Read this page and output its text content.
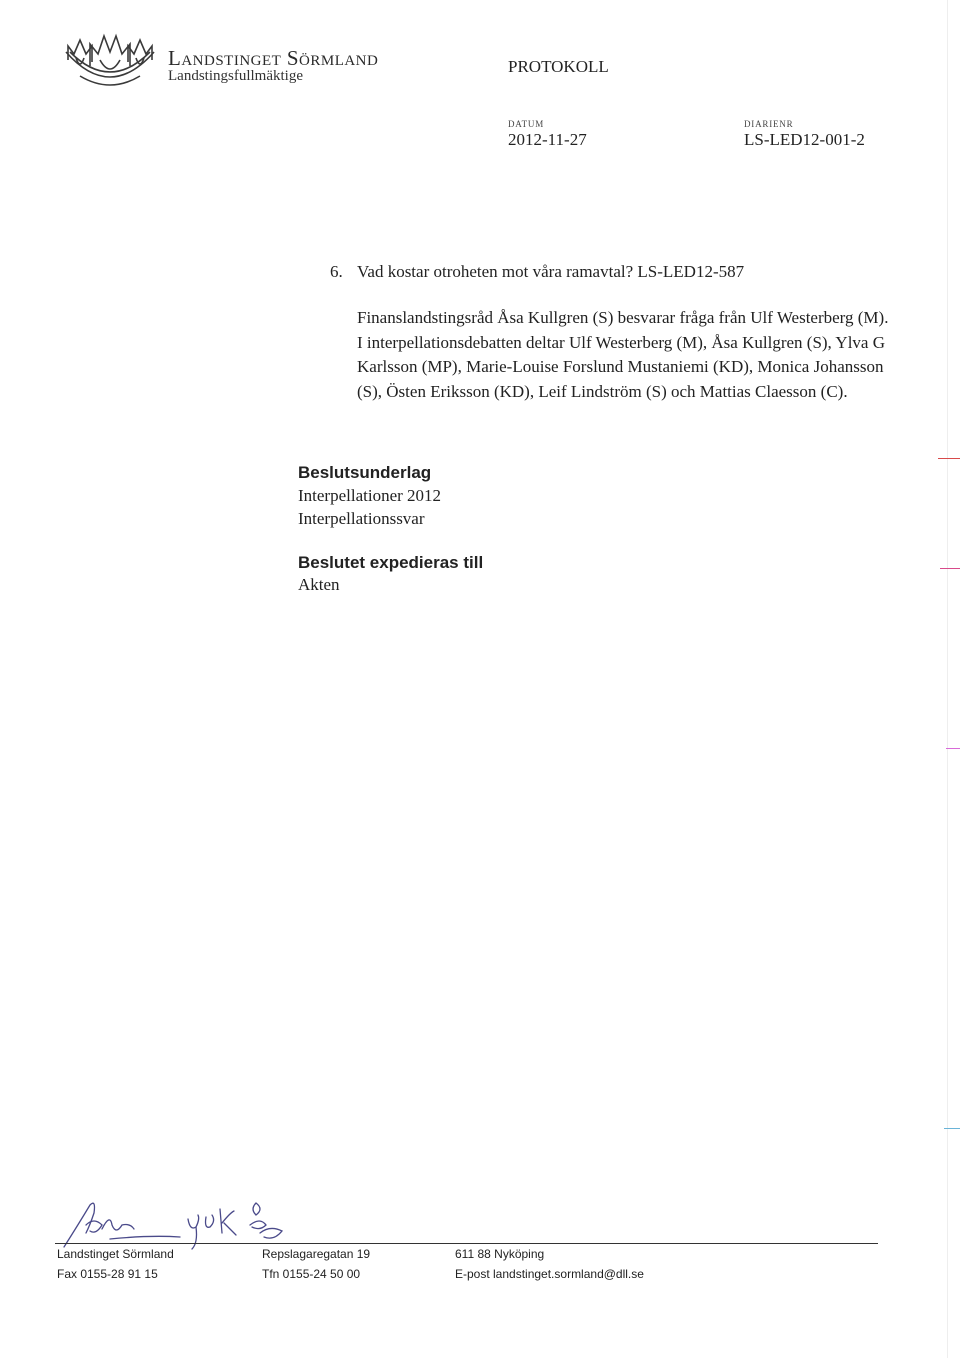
LANDSTINGET SÖRMLAND
Landstingsfullmäktige	PROTOKOLL
DATUM
2012-11-27
DIARIENR
LS-LED12-001-2
6. Vad kostar otroheten mot våra ramavtal? LS-LED12-587
Finanslandstingsråd Åsa Kullgren (S) besvarar fråga från Ulf Westerberg (M). I interpellationsdebatten deltar Ulf Westerberg (M), Åsa Kullgren (S), Ylva G Karlsson (MP), Marie-Louise Forslund Mustaniemi (KD), Monica Johansson (S), Östen Eriksson (KD), Leif Lindström (S) och Mattias Claesson (C).
Beslutsunderlag
Interpellationer 2012
Interpellationssvar
Beslutet expedieras till
Akten
Landstinget Sörmland
Fax 0155-28 91 15
Repslagaregatan 19
Tfn 0155-24 50 00
611 88 Nyköping
E-post landstinget.sormland@dll.se
